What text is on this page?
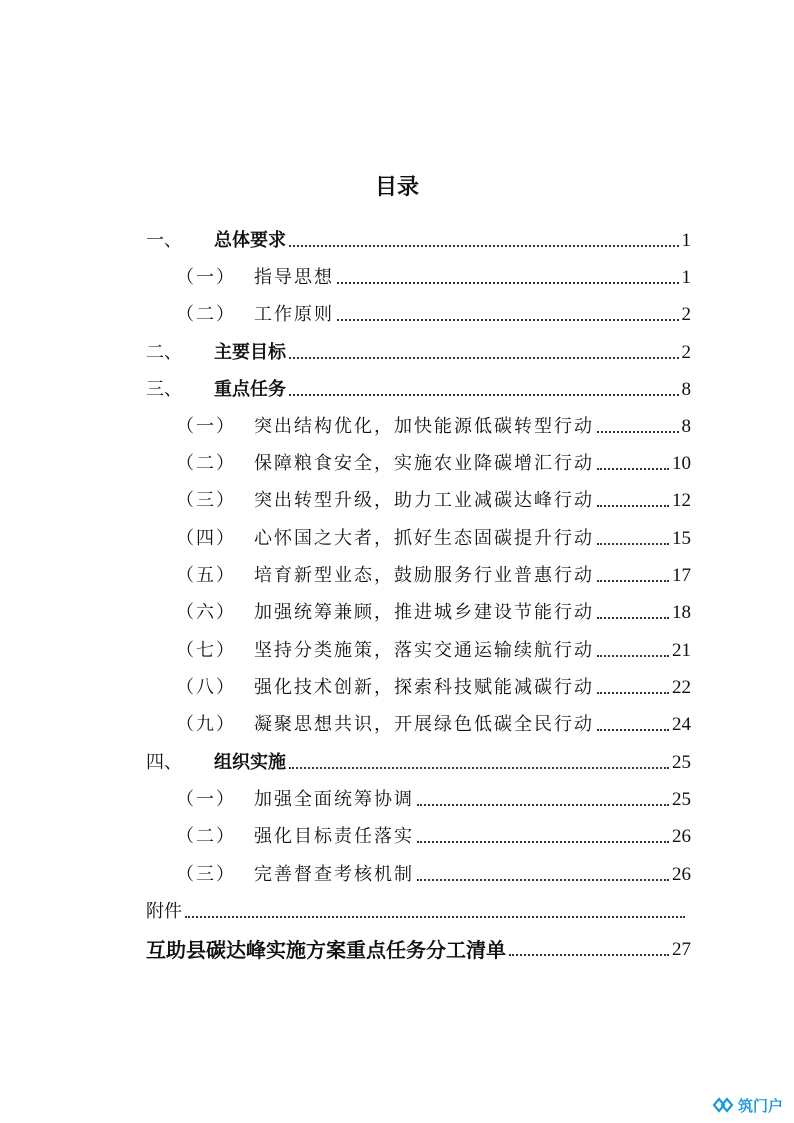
目录
一、	总体要求	1
（一）	指导思想	1
（二）	工作原则	2
二、	主要目标	2
三、	重点任务	8
（一）	突出结构优化，加快能源低碳转型行动	8
（二）	保障粮食安全，实施农业降碳增汇行动	10
（三）	突出转型升级，助力工业减碳达峰行动	12
（四）	心怀国之大者，抓好生态固碳提升行动	15
（五）	培育新型业态，鼓励服务行业普惠行动	17
（六）	加强统筹兼顾，推进城乡建设节能行动	18
（七）	坚持分类施策，落实交通运输续航行动	21
（八）	强化技术创新，探索科技赋能减碳行动	22
（九）	凝聚思想共识，开展绿色低碳全民行动	24
四、	组织实施	25
（一）	加强全面统筹协调	25
（二）	强化目标责任落实	26
（三）	完善督查考核机制	26
附件
互助县碳达峰实施方案重点任务分工清单	27
筑门户
